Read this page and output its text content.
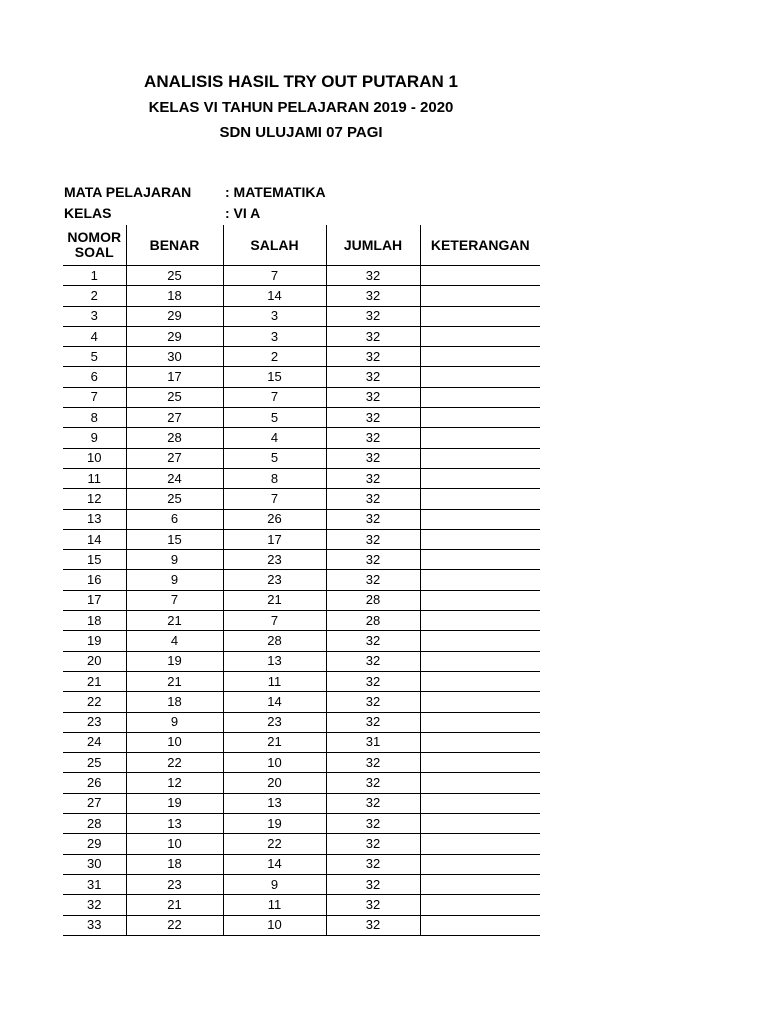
ANALISIS HASIL TRY OUT PUTARAN 1
KELAS VI TAHUN PELAJARAN 2019 - 2020
SDN ULUJAMI 07 PAGI
MATA PELAJARAN : MATEMATIKA
KELAS	: VI A
NOMOR SOAL	BENAR	SALAH	JUMLAH	KETERANGAN
1	25	7	32	
2	18	14	32	
3	29	3	32	
4	29	3	32	
5	30	2	32	
6	17	15	32	
7	25	7	32	
8	27	5	32	
9	28	4	32	
10	27	5	32	
11	24	8	32	
12	25	7	32	
13	6	26	32	
14	15	17	32	
15	9	23	32	
16	9	23	32	
17	7	21	28	
18	21	7	28	
19	4	28	32	
20	19	13	32	
21	21	11	32	
22	18	14	32	
23	9	23	32	
24	10	21	31	
25	22	10	32	
26	12	20	32	
27	19	13	32	
28	13	19	32	
29	10	22	32	
30	18	14	32	
31	23	9	32	
32	21	11	32	
33	22	10	32	
